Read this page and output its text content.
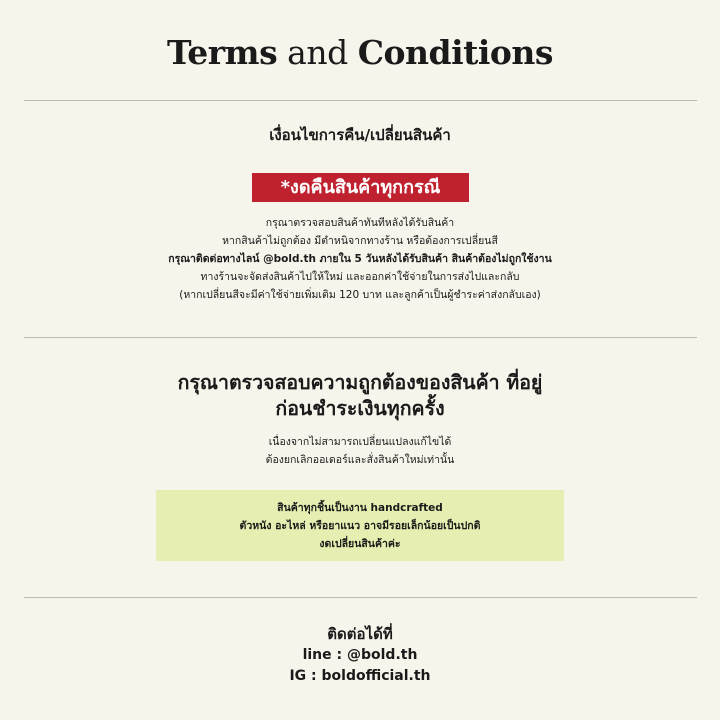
Terms and Conditions
เงื่อนไขการคืน/เปลี่ยนสินค้า
*งดคืนสินค้าทุกกรณี
กรุณาตรวจสอบสินค้าทันทีหลังได้รับสินค้า
หากสินค้าไม่ถูกต้อง มีตำหนิจากทางร้าน หรือต้องการเปลี่ยนสี
กรุณาติดต่อทางไลน์ @bold.th ภายใน 5 วันหลังได้รับสินค้า สินค้าต้องไม่ถูกใช้งาน
ทางร้านจะจัดส่งสินค้าไปให้ใหม่ และออกค่าใช้จ่ายในการส่งไปและกลับ
(หากเปลี่ยนสีจะมีค่าใช้จ่ายเพิ่มเติม 120 บาท และลูกค้าเป็นผู้ชำระค่าส่งกลับเอง)
กรุณาตรวจสอบความถูกต้องของสินค้า ที่อยู่
ก่อนชำระเงินทุกครั้ง
เนื่องจากไม่สามารถเปลี่ยนแปลงแก้ไขได้
ต้องยกเลิกออเดอร์และสั่งสินค้าใหม่เท่านั้น
สินค้าทุกชิ้นเป็นงาน handcrafted
ตัวหนัง อะไหล่ หรือยาแนว อาจมีรอยเล็กน้อยเป็นปกติ
งดเปลี่ยนสินค้าค่ะ
ติดต่อได้ที่
line : @bold.th
IG : boldofficial.th
